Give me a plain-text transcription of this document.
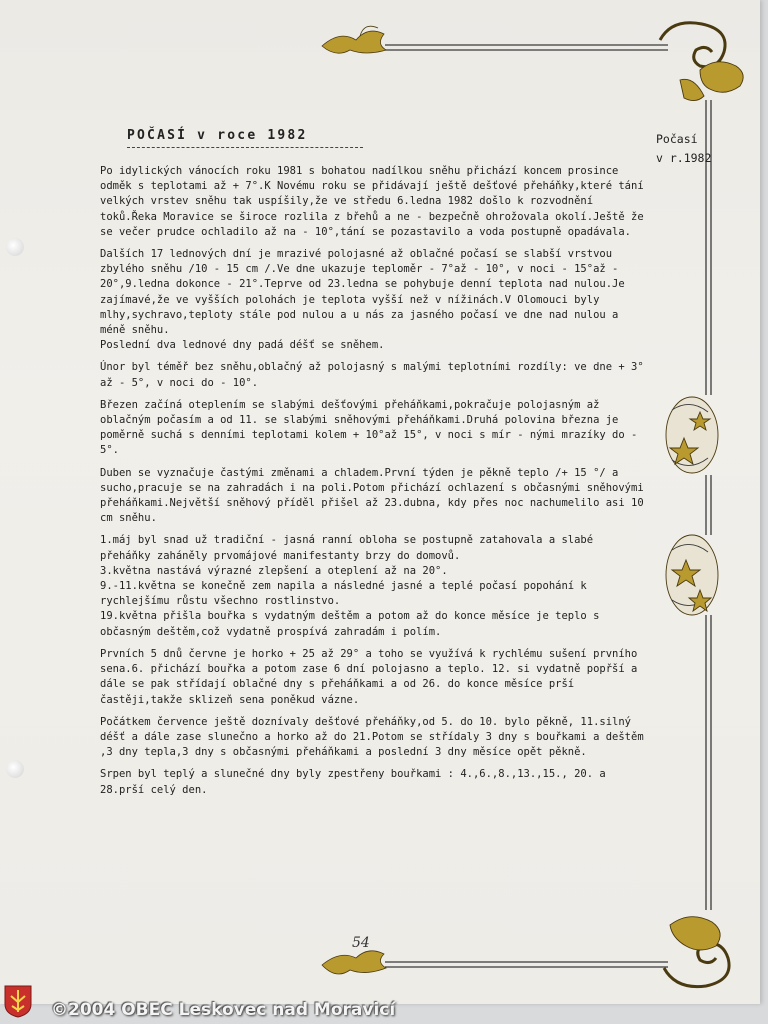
POČASÍ v roce 1982	Počasí
v r.1982

Po idylických vánocích roku 1981 s bohatou nadílkou sněhu přichází koncem prosince odměk s teplotami až + 7°.K Novému roku se přidávají ještě dešťové přeháňky,které tání velkých vrstev sněhu tak uspíšily,že ve středu 6.ledna 1982 došlo k rozvodnění toků.Řeka Moravice se široce rozlila z břehů a ne - bezpečně ohrožovala okolí.Ještě že se večer prudce ochladilo až na - 10°,tání se pozastavilo a voda postupně opadávala.

Dalších 17 lednových dní je mrazivé polojasné až oblačné počasí se slabší vrstvou zbylého sněhu /10 - 15 cm /.Ve dne ukazuje teploměr - 7°až - 10°, v noci - 15°až - 20°,9.ledna dokonce - 21°.Teprve od 23.ledna se pohybuje denní teplota nad nulou.Je zajímavé,že ve vyšších polohách je teplota vyšší než v nížinách.V Olomouci byly mlhy,sychravo,teploty stále pod nulou a u nás za jasného počasí ve dne nad nulou a méně sněhu.

Poslední dva lednové dny padá déšť se sněhem.

Únor byl téměř bez sněhu,oblačný až polojasný s malými teplotními rozdíly: ve dne + 3° až - 5°, v noci do - 10°.

Březen začíná oteplením se slabými dešťovými přeháňkami,pokračuje polojasným až oblačným počasím a od 11. se slabými sněhovými přeháňkami.Druhá polovina března je poměrně suchá s denními teplotami kolem + 10°až 15°, v noci s mír - nými mrazíky do - 5°.

Duben se vyznačuje častými změnami a chladem.První týden je pěkně teplo /+ 15 °/ a sucho,pracuje se na zahradách i na poli.Potom přichází ochlazení s občasnými sněhovými přeháňkami.Největší sněhový příděl přišel až 23.dubna, kdy přes noc nachumelilo asi 10 cm sněhu.

1.máj byl snad už tradiční - jasná ranní obloha se postupně zatahovala a slabé přeháňky zaháněly prvomájové manifestanty brzy do domovů.

3.května nastává výrazné zlepšení a oteplení až na 20°.

9.-11.května se konečně zem napila a následné jasné a teplé počasí popohání k rychlejšímu růstu všechno rostlinstvo.

19.května přišla bouřka s vydatným deštěm a potom až do konce měsíce je teplo s občasným deštěm,což vydatně prospívá zahradám i polím.

Prvních 5 dnů červne je horko + 25 až 29° a toho se využívá k rychlému sušení prvního sena.6. přichází bouřka a potom zase 6 dní polojasno a teplo. 12. si vydatně popřší a dále se pak střídají oblačné dny s přeháňkami a od 26. do konce měsíce prší častěji,takže sklizeň sena poněkud vázne.

Počátkem července ještě doznívaly dešťové přeháňky,od 5. do 10. bylo pěkně, 11.silný déšť a dále zase slunečno a horko až do 21.Potom se střídaly 3 dny s bouřkami a deštěm ,3 dny tepla,3 dny s občasnými přeháňkami a poslední 3 dny měsíce opět pěkně.

Srpen byl teplý a slunečné dny byly zpestřeny bouřkami : 4.,6.,8.,13.,15., 20. a 28.prší celý den.

54
©2004 OBEC Leskovec nad Moravicí
